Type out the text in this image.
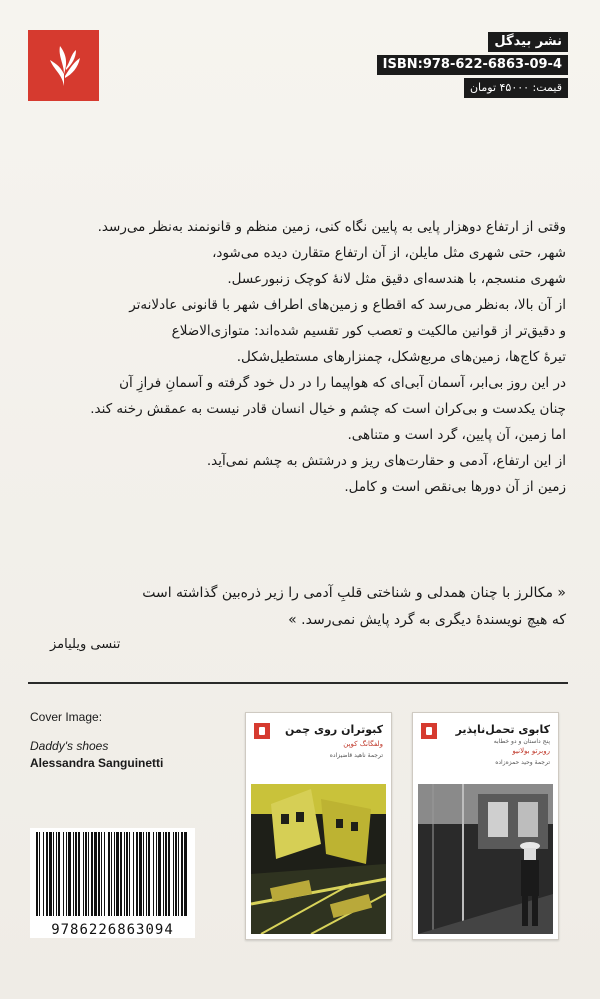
نشر بیدگل
ISBN:978-622-6863-09-4
قیمت: ۴۵۰۰۰ تومان

وقتی از ارتفاع دوهزار پایی به پایین نگاه کنی، زمین منظم و قانونمند به‌نظر می‌رسد.

شهر، حتی شهری مثل مایلن، از آن ارتفاع متقارن دیده می‌شود،

شهری منسجم، با هندسه‌ای دقیق مثل لانهٔ کوچک زنبورعسل.

از آن بالا، به‌نظر می‌رسد که اقطاع و زمین‌های اطراف شهر با قانونی عادلانه‌تر

و دقیق‌تر از قوانین مالکیت و تعصب کور تقسیم شده‌اند: متوازی‌الاضلاع

تیرهٔ کاج‌ها، زمین‌های مربع‌شکل، چمنزارهای مستطیل‌شکل.

در این روز بی‌ابر، آسمان آبی‌ای که هواپیما را در دل خود گرفته و آسمانِ فرازِ آن

چنان یکدست و بی‌کران است که چشم و خیال انسان قادر نیست به عمقش رخنه کند.

اما زمین، آن پایین، گرد است و متناهی.

از این ارتفاع، آدمی و حقارت‌های ریز و درشتش به چشم نمی‌آید.

زمین از آن دورها بی‌نقص است و کامل.

« مکالرز با چنان همدلی و شناختی قلبِ آدمی را زیر ذره‌بین گذاشته است

که هیچ نویسندهٔ دیگری به گرد پایش نمی‌رسد. »

تنسی ویلیامز
Cover Image:
Daddy's shoes
Alessandra Sanguinetti
9786226863094
کبوتران روی چمن
ولفگانگ کوپن
ترجمهٔ ناهید قاضیزاده
کابوی تحمل‌ناپذیر
پنج داستان و دو خطابه
روبرتو بولانیو
ترجمهٔ وحید حمزه‌زاده
